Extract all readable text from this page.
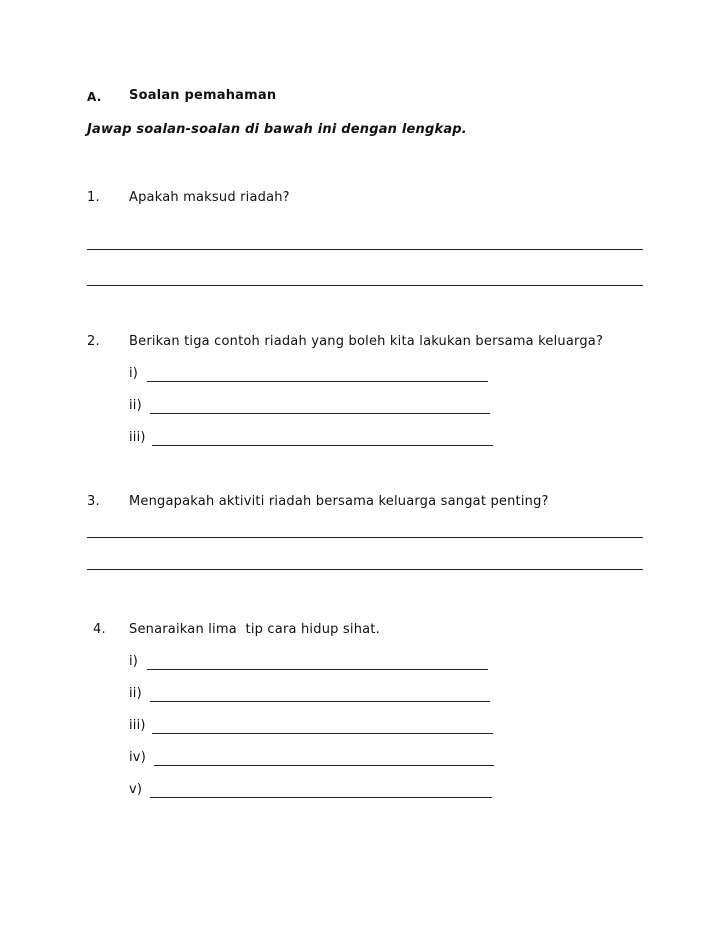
A. Soalan pemahaman
Jawap soalan-soalan di bawah ini dengan lengkap.
1. Apakah maksud riadah?
2. Berikan tiga contoh riadah yang boleh kita lakukan bersama keluarga?
i)
ii)
iii)
3. Mengapakah aktiviti riadah bersama keluarga sangat penting?
4. Senaraikan lima  tip cara hidup sihat.
i)
ii)
iii)
iv)
v)
